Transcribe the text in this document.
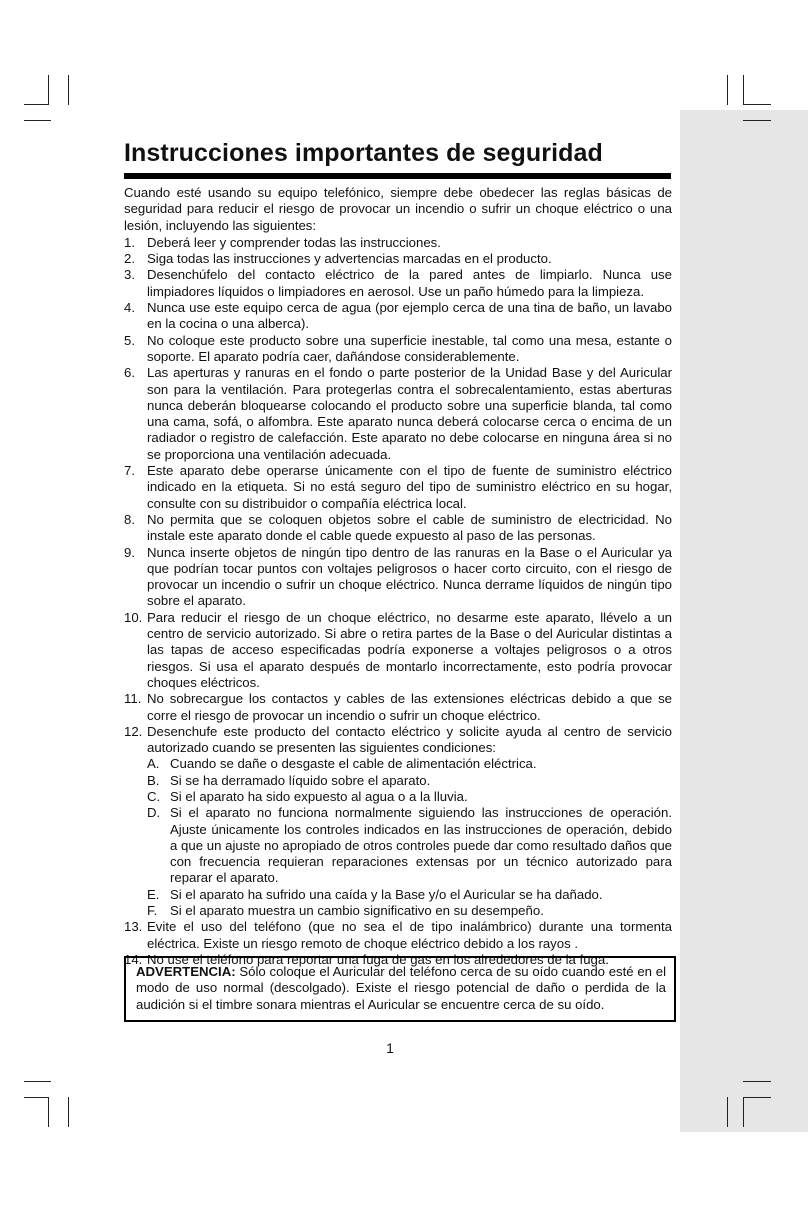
Instrucciones importantes de seguridad

Cuando esté usando su equipo telefónico, siempre debe obedecer las reglas básicas de seguridad para reducir el riesgo de provocar un incendio o sufrir un choque eléctrico o una lesión, incluyendo las siguientes:

1. Deberá leer y comprender todas las instrucciones.
2. Siga todas las instrucciones y advertencias marcadas en el producto.
3. Desenchúfelo del contacto eléctrico de la pared antes de limpiarlo. Nunca use limpiadores líquidos o limpiadores en aerosol. Use un paño húmedo para la limpieza.
4. Nunca use este equipo cerca de agua (por ejemplo cerca de una tina de baño, un lavabo en la cocina o una alberca).
5. No coloque este producto sobre una superficie inestable, tal como una mesa, estante o soporte. El aparato podría caer, dañándose considerablemente.
6. Las aperturas y ranuras en el fondo o parte posterior de la Unidad Base y del Auricular son para la ventilación. Para protegerlas contra el sobrecalentamiento, estas aberturas nunca deberán bloquearse colocando el producto sobre una superficie blanda, tal como una cama, sofá, o alfombra. Este aparato nunca deberá colocarse cerca o encima de un radiador o registro de calefacción. Este aparato no debe colocarse en ninguna área si no se proporciona una ventilación adecuada.
7. Este aparato debe operarse únicamente con el tipo de fuente de suministro eléctrico indicado en la etiqueta. Si no está seguro del tipo de suministro eléctrico en su hogar, consulte con su distribuidor o compañía eléctrica local.
8. No permita que se coloquen objetos sobre el cable de suministro de electricidad. No instale este aparato donde el cable quede expuesto al paso de las personas.
9. Nunca inserte objetos de ningún tipo dentro de las ranuras en la Base o el Auricular ya que podrían tocar puntos con voltajes peligrosos o hacer corto circuito, con el riesgo de provocar un incendio o sufrir un choque eléctrico. Nunca derrame líquidos de ningún tipo sobre el aparato.
10. Para reducir el riesgo de un choque eléctrico, no desarme este aparato, llévelo a un centro de servicio autorizado. Si abre o retira partes de la Base o del Auricular distintas a las tapas de acceso especificadas podría exponerse a voltajes peligrosos o a otros riesgos. Si usa el aparato después de montarlo incorrectamente, esto podría provocar choques eléctricos.
11. No sobrecargue los contactos y cables de las extensiones eléctricas debido a que se corre el riesgo de provocar un incendio o sufrir un choque eléctrico.
12. Desenchufe este producto del contacto eléctrico y solicite ayuda al centro de servicio autorizado cuando se presenten las siguientes condiciones:
A. Cuando se dañe o desgaste el cable de alimentación eléctrica.
B. Si se ha derramado líquido sobre el aparato.
C. Si el aparato ha sido expuesto al agua o a la lluvia.
D. Si el aparato no funciona normalmente siguiendo las instrucciones de operación. Ajuste únicamente los controles indicados en las instrucciones de operación, debido a que un ajuste no apropiado de otros controles puede dar como resultado daños que con frecuencia requieran reparaciones extensas por un técnico autorizado para reparar el aparato.
E. Si el aparato ha sufrido una caída y la Base y/o el Auricular se ha dañado.
F. Si el aparato muestra un cambio significativo en su desempeño.
13. Evite el uso del teléfono (que no sea el de tipo inalámbrico) durante una tormenta eléctrica. Existe un riesgo remoto de choque eléctrico debido a los rayos .
14. No use el teléfono para reportar una fuga de gas en los alrededores de la fuga.
ADVERTENCIA: Sólo coloque el Auricular del teléfono cerca de su oído cuando esté en el modo de uso normal (descolgado). Existe el riesgo potencial de daño o perdida de la audición si el timbre sonara mientras el Auricular se encuentre cerca de su oído.
1
